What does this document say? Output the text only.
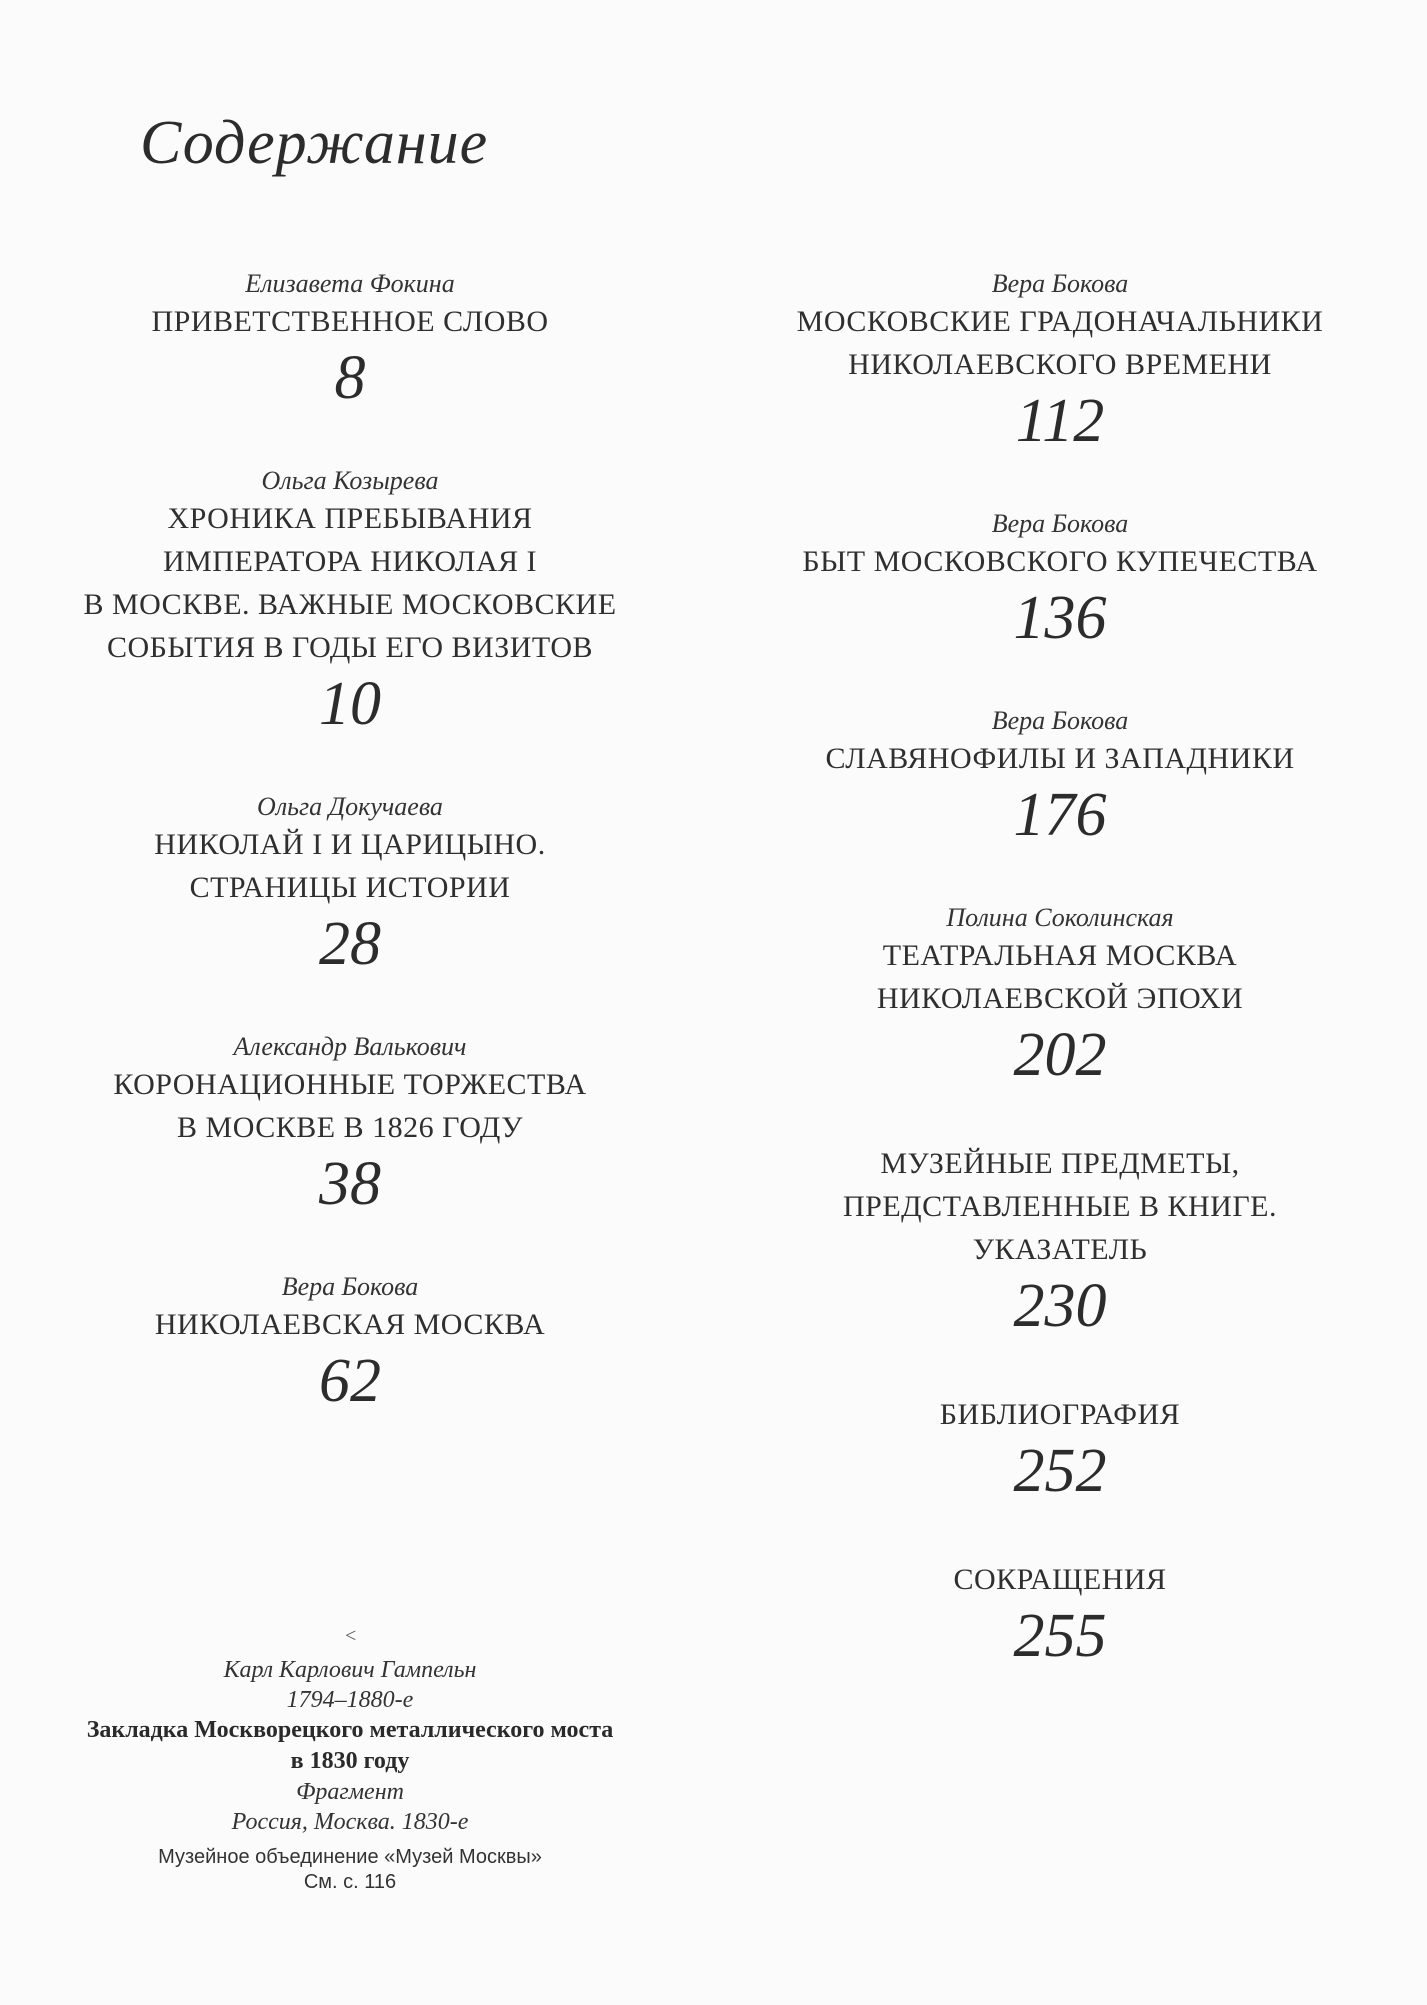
Содержание
Елизавета Фокина
ПРИВЕТСТВЕННОЕ СЛОВО
8
Ольга Козырева
ХРОНИКА ПРЕБЫВАНИЯ
ИМПЕРАТОРА НИКОЛАЯ I
В МОСКВЕ. ВАЖНЫЕ МОСКОВСКИЕ
СОБЫТИЯ В ГОДЫ ЕГО ВИЗИТОВ
10
Ольга Докучаева
НИКОЛАЙ I И ЦАРИЦЫНО.
СТРАНИЦЫ ИСТОРИИ
28
Александр Валькович
КОРОНАЦИОННЫЕ ТОРЖЕСТВА
В МОСКВЕ В 1826 ГОДУ
38
Вера Бокова
НИКОЛАЕВСКАЯ МОСКВА
62
Вера Бокова
МОСКОВСКИЕ ГРАДОНАЧАЛЬНИКИ
НИКОЛАЕВСКОГО ВРЕМЕНИ
112
Вера Бокова
БЫТ МОСКОВСКОГО КУПЕЧЕСТВА
136
Вера Бокова
СЛАВЯНОФИЛЫ И ЗАПАДНИКИ
176
Полина Соколинская
ТЕАТРАЛЬНАЯ МОСКВА
НИКОЛАЕВСКОЙ ЭПОХИ
202
МУЗЕЙНЫЕ ПРЕДМЕТЫ,
ПРЕДСТАВЛЕННЫЕ В КНИГЕ.
УКАЗАТЕЛЬ
230
БИБЛИОГРАФИЯ
252
СОКРАЩЕНИЯ
255
<
Карл Карлович Гампельн
1794–1880-е
Закладка Москворецкого металлического моста
в 1830 году
Фрагмент
Россия, Москва. 1830-е
Музейное объединение «Музей Москвы»
См. с. 116
